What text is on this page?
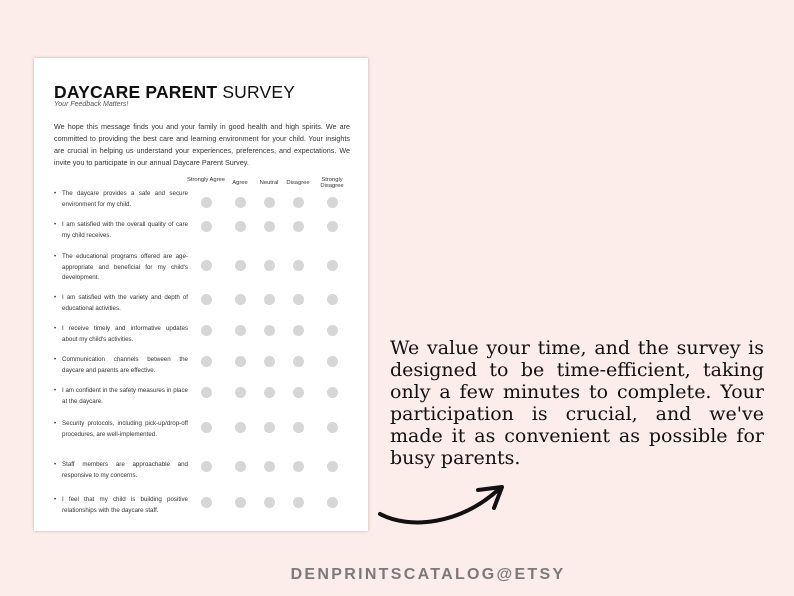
DAYCARE PARENT SURVEY
Your Feedback Matters!
We hope this message finds you and your family in good health and high spirits. We are committed to providing the best care and learning environment for your child. Your insights are crucial in helping us understand your experiences, preferences, and expectations. We invite you to participate in our annual Daycare Parent Survey.
Strongly Agree	Agree	Neutral	Disagree	Strongly Disagree
• The daycare provides a safe and secure environment for my child.
• I am satisfied with the overall quality of care my child receives.
• The educational programs offered are age-appropriate and beneficial for my child's development.
• I am satisfied with the variety and depth of educational activities.
• I receive timely and informative updates about my child's activities.
• Communication channels between the daycare and parents are effective.
• I am confident in the safety measures in place at the daycare.
• Security protocols, including pick-up/drop-off procedures, are well-implemented.
• Staff members are approachable and responsive to my concerns.
• I feel that my child is building positive relationships with the daycare staff.
We value your time, and the survey is designed to be time-efficient, taking only a few minutes to complete. Your participation is crucial, and we've made it as convenient as possible for busy parents.
DENPRINTSCATALOG@ETSY
